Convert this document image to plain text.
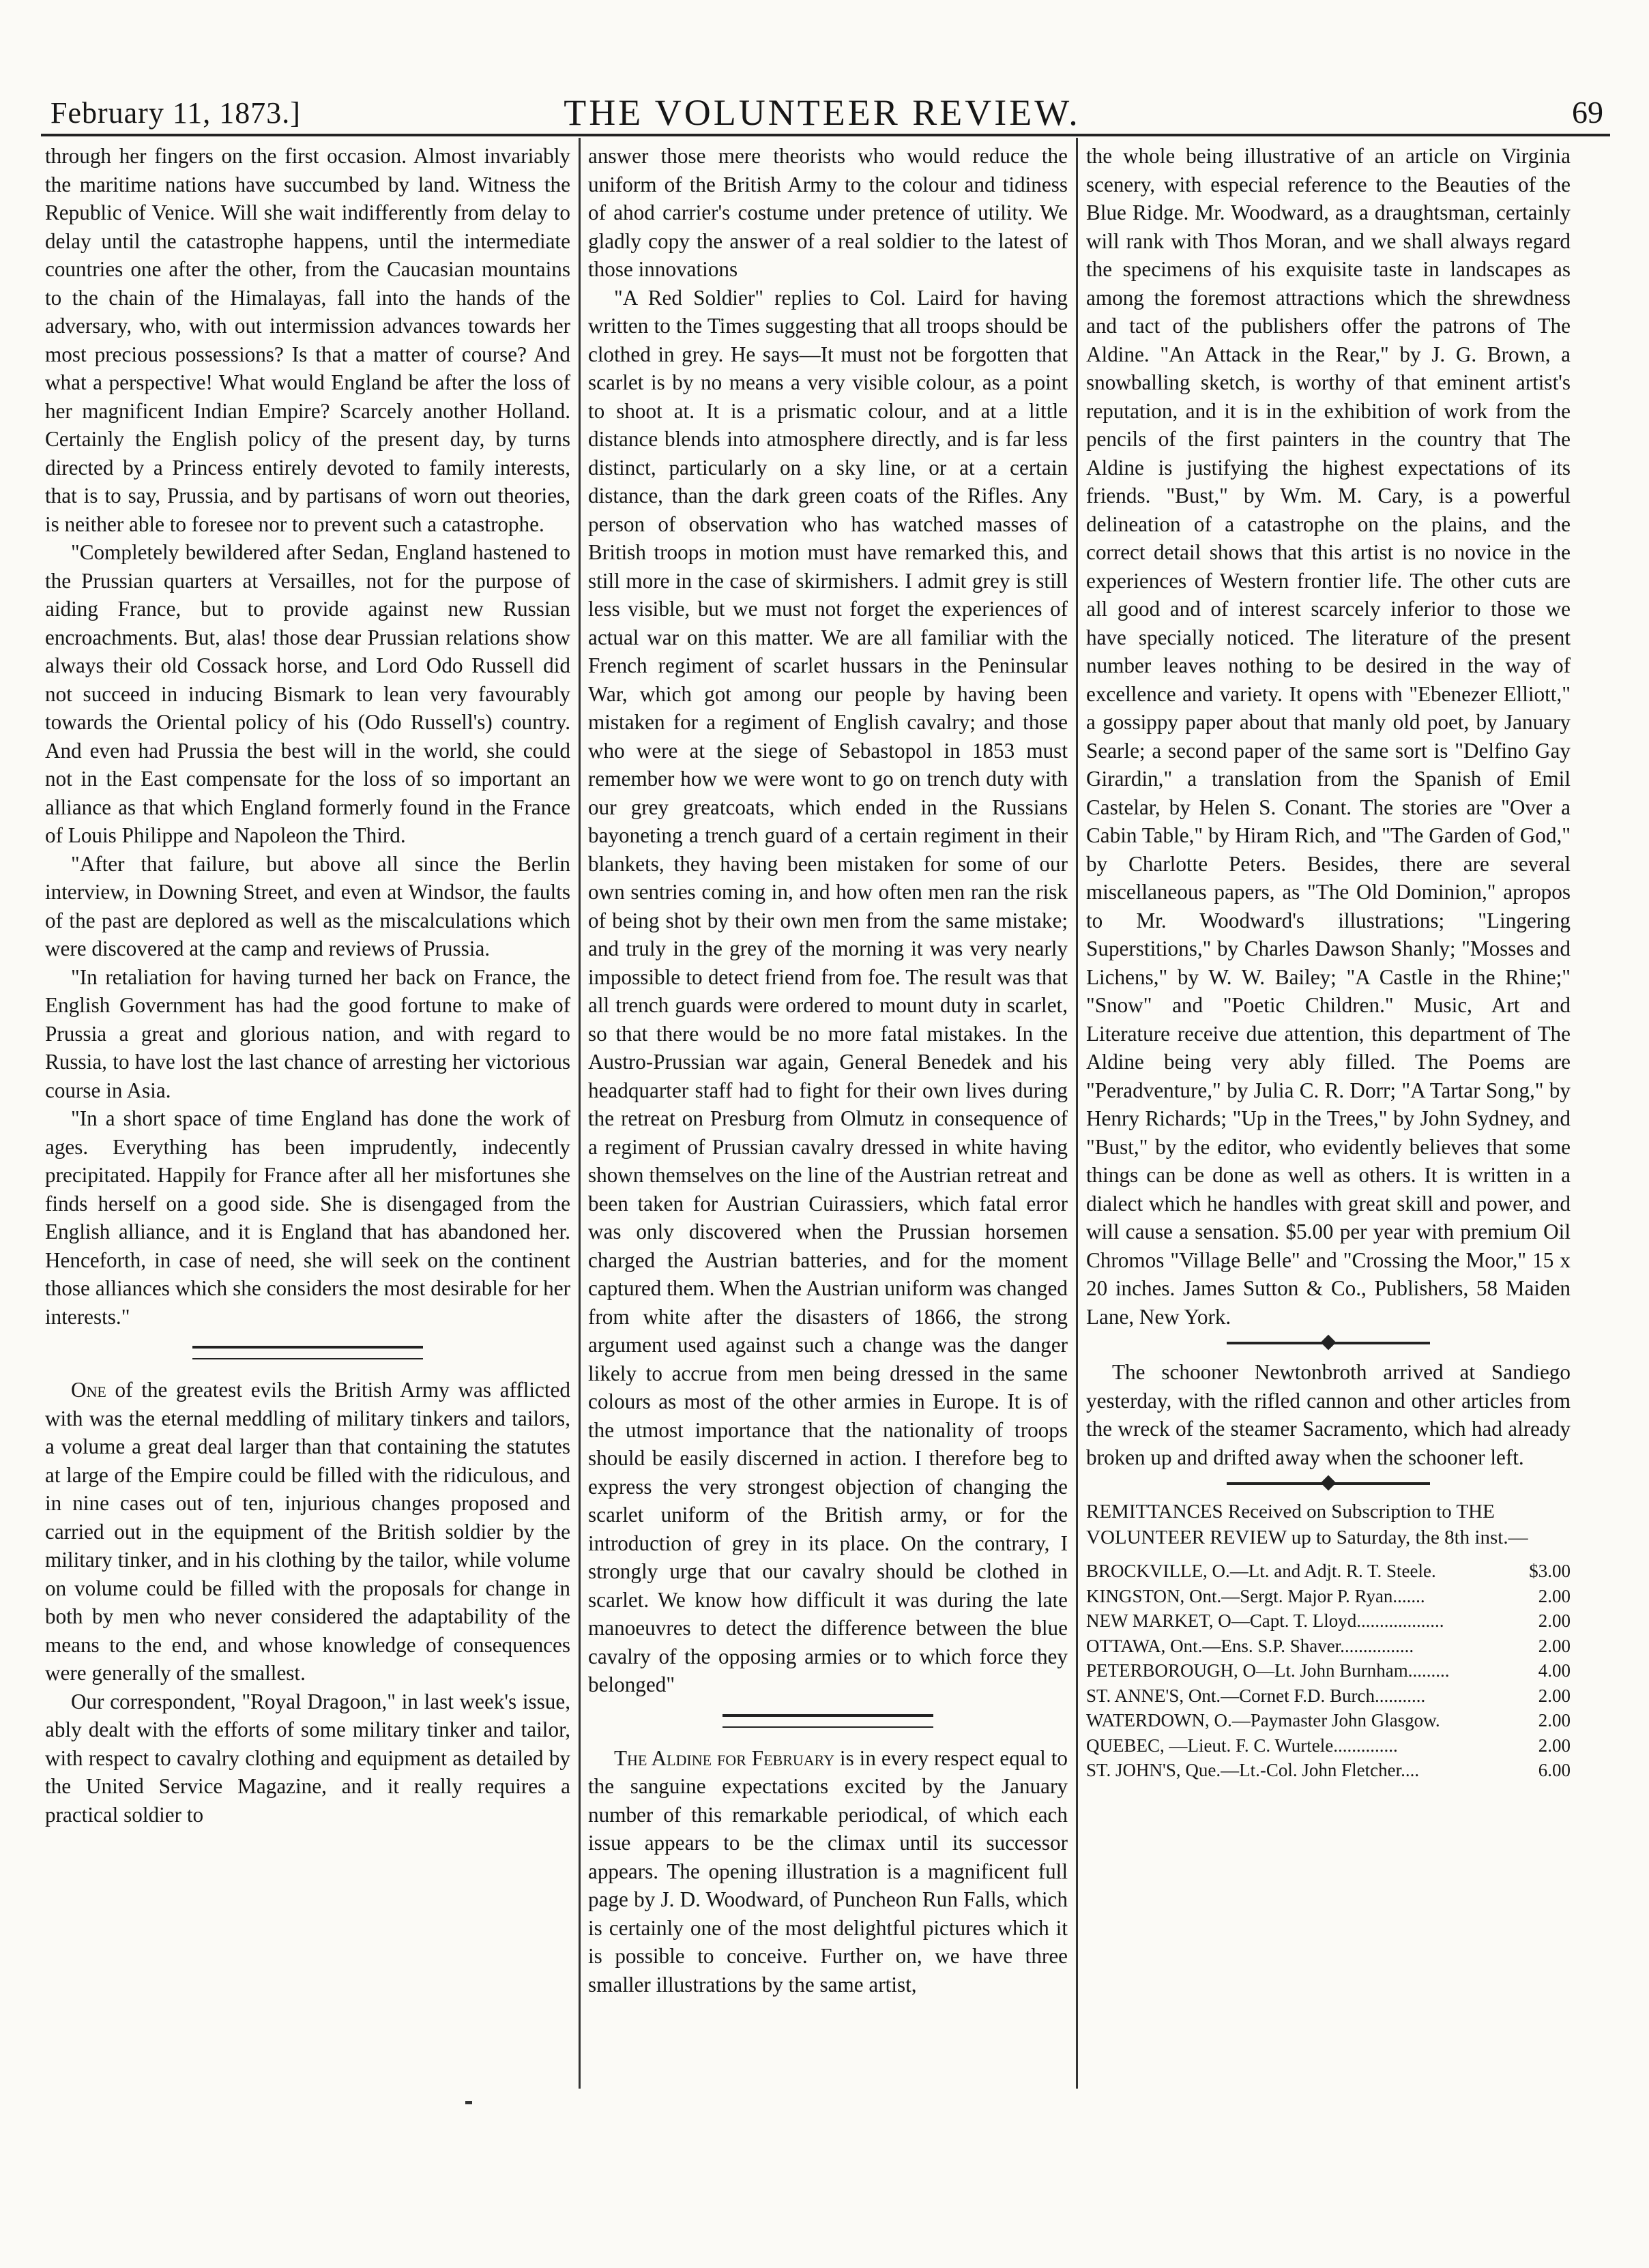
February 11, 1873.]	THE VOLUNTEER REVIEW.	69

through her fingers on the first occasion. Almost invariably the maritime nations have succumbed by land. Witness the Republic of Venice. Will she wait indifferently from delay to delay until the catastrophe happens, until the intermediate countries one after the other, from the Caucasian mountains to the chain of the Himalayas, fall into the hands of the adversary, who, with out intermission advances towards her most precious possessions? Is that a matter of course? And what a perspective! What would England be after the loss of her magnificent Indian Empire? Scarcely another Holland. Certainly the English policy of the present day, by turns directed by a Princess entirely devoted to family interests, that is to say, Prussia, and by partisans of worn out theories, is neither able to foresee nor to prevent such a catastrophe.

"Completely bewildered after Sedan, England hastened to the Prussian quarters at Versailles, not for the purpose of aiding France, but to provide against new Russian encroachments. But, alas! those dear Prussian relations show always their old Cossack horse, and Lord Odo Russell did not succeed in inducing Bismark to lean very favourably towards the Oriental policy of his (Odo Russell's) country. And even had Prussia the best will in the world, she could not in the East compensate for the loss of so important an alliance as that which England formerly found in the France of Louis Philippe and Napoleon the Third.

"After that failure, but above all since the Berlin interview, in Downing Street, and even at Windsor, the faults of the past are deplored as well as the miscalculations which were discovered at the camp and reviews of Prussia.

"In retaliation for having turned her back on France, the English Government has had the good fortune to make of Prussia a great and glorious nation, and with regard to Russia, to have lost the last chance of arresting her victorious course in Asia.

"In a short space of time England has done the work of ages. Everything has been imprudently, indecently precipitated. Happily for France after all her misfortunes she finds herself on a good side. She is disengaged from the English alliance, and it is England that has abandoned her. Henceforth, in case of need, she will seek on the continent those alliances which she considers the most desirable for her interests."

One of the greatest evils the British Army was afflicted with was the eternal meddling of military tinkers and tailors, a volume a great deal larger than that containing the statutes at large of the Empire could be filled with the ridiculous, and in nine cases out of ten, injurious changes proposed and carried out in the equipment of the British soldier by the military tinker, and in his clothing by the tailor, while volume on volume could be filled with the proposals for change in both by men who never considered the adaptability of the means to the end, and whose knowledge of consequences were generally of the smallest.

Our correspondent, "Royal Dragoon," in last week's issue, ably dealt with the efforts of some military tinker and tailor, with respect to cavalry clothing and equipment as detailed by the United Service Magazine, and it really requires a practical soldier to

answer those mere theorists who would reduce the uniform of the British Army to the colour and tidiness of ahod carrier's costume under pretence of utility. We gladly copy the answer of a real soldier to the latest of those innovations

"A Red Soldier" replies to Col. Laird for having written to the Times suggesting that all troops should be clothed in grey. He says—It must not be forgotten that scarlet is by no means a very visible colour, as a point to shoot at. It is a prismatic colour, and at a little distance blends into atmosphere directly, and is far less distinct, particularly on a sky line, or at a certain distance, than the dark green coats of the Rifles. Any person of observation who has watched masses of British troops in motion must have remarked this, and still more in the case of skirmishers. I admit grey is still less visible, but we must not forget the experiences of actual war on this matter. We are all familiar with the French regiment of scarlet hussars in the Peninsular War, which got among our people by having been mistaken for a regiment of English cavalry; and those who were at the siege of Sebastopol in 1853 must remember how we were wont to go on trench duty with our grey greatcoats, which ended in the Russians bayoneting a trench guard of a certain regiment in their blankets, they having been mistaken for some of our own sentries coming in, and how often men ran the risk of being shot by their own men from the same mistake; and truly in the grey of the morning it was very nearly impossible to detect friend from foe. The result was that all trench guards were ordered to mount duty in scarlet, so that there would be no more fatal mistakes. In the Austro-Prussian war again, General Benedek and his headquarter staff had to fight for their own lives during the retreat on Presburg from Olmutz in consequence of a regiment of Prussian cavalry dressed in white having shown themselves on the line of the Austrian retreat and been taken for Austrian Cuirassiers, which fatal error was only discovered when the Prussian horsemen charged the Austrian batteries, and for the moment captured them. When the Austrian uniform was changed from white after the disasters of 1866, the strong argument used against such a change was the danger likely to accrue from men being dressed in the same colours as most of the other armies in Europe. It is of the utmost importance that the nationality of troops should be easily discerned in action. I therefore beg to express the very strongest objection of changing the scarlet uniform of the British army, or for the introduction of grey in its place. On the contrary, I strongly urge that our cavalry should be clothed in scarlet. We know how difficult it was during the late manoeuvres to detect the difference between the blue cavalry of the opposing armies or to which force they belonged"

The Aldine for February is in every respect equal to the sanguine expectations excited by the January number of this remarkable periodical, of which each issue appears to be the climax until its successor appears. The opening illustration is a magnificent full page by J. D. Woodward, of Puncheon Run Falls, which is certainly one of the most delightful pictures which it is possible to conceive. Further on, we have three smaller illustrations by the same artist,

the whole being illustrative of an article on Virginia scenery, with especial reference to the Beauties of the Blue Ridge. Mr. Woodward, as a draughtsman, certainly will rank with Thos Moran, and we shall always regard the specimens of his exquisite taste in landscapes as among the foremost attractions which the shrewdness and tact of the publishers offer the patrons of The Aldine. "An Attack in the Rear," by J. G. Brown, a snowballing sketch, is worthy of that eminent artist's reputation, and it is in the exhibition of work from the pencils of the first painters in the country that The Aldine is justifying the highest expectations of its friends. "Bust," by Wm. M. Cary, is a powerful delineation of a catastrophe on the plains, and the correct detail shows that this artist is no novice in the experiences of Western frontier life. The other cuts are all good and of interest scarcely inferior to those we have specially noticed. The literature of the present number leaves nothing to be desired in the way of excellence and variety. It opens with "Ebenezer Elliott," a gossippy paper about that manly old poet, by January Searle; a second paper of the same sort is "Delfino Gay Girardin," a translation from the Spanish of Emil Castelar, by Helen S. Conant. The stories are "Over a Cabin Table," by Hiram Rich, and "The Garden of God," by Charlotte Peters. Besides, there are several miscellaneous papers, as "The Old Dominion," apropos to Mr. Woodward's illustrations; "Lingering Superstitions," by Charles Dawson Shanly; "Mosses and Lichens," by W. W. Bailey; "A Castle in the Rhine;" "Snow" and "Poetic Children." Music, Art and Literature receive due attention, this department of The Aldine being very ably filled. The Poems are "Peradventure," by Julia C. R. Dorr; "A Tartar Song," by Henry Richards; "Up in the Trees," by John Sydney, and "Bust," by the editor, who evidently believes that some things can be done as well as others. It is written in a dialect which he handles with great skill and power, and will cause a sensation. $5.00 per year with premium Oil Chromos "Village Belle" and "Crossing the Moor," 15 x 20 inches. James Sutton & Co., Publishers, 58 Maiden Lane, New York.

The schooner Newtonbroth arrived at Sandiego yesterday, with the rifled cannon and other articles from the wreck of the steamer Sacramento, which had already broken up and drifted away when the schooner left.

REMITTANCES Received on Subscription to THE VOLUNTEER REVIEW up to Saturday, the 8th inst.—
BROCKVILLE, O.—Lt. and Adjt. R. T. Steele.	$3.00
KINGSTON, Ont.—Sergt. Major P. Ryan.......	2.00
NEW MARKET, O—Capt. T. Lloyd...................	2.00
OTTAWA, Ont.—Ens. S.P. Shaver................	2.00
PETERBOROUGH, O—Lt. John Burnham.........	4.00
ST. ANNE'S, Ont.—Cornet F.D. Burch...........	2.00
WATERDOWN, O.—Paymaster John Glasgow.	2.00
QUEBEC, —Lieut. F. C. Wurtele..............	2.00
ST. JOHN'S, Que.—Lt.-Col. John Fletcher....	6.00
